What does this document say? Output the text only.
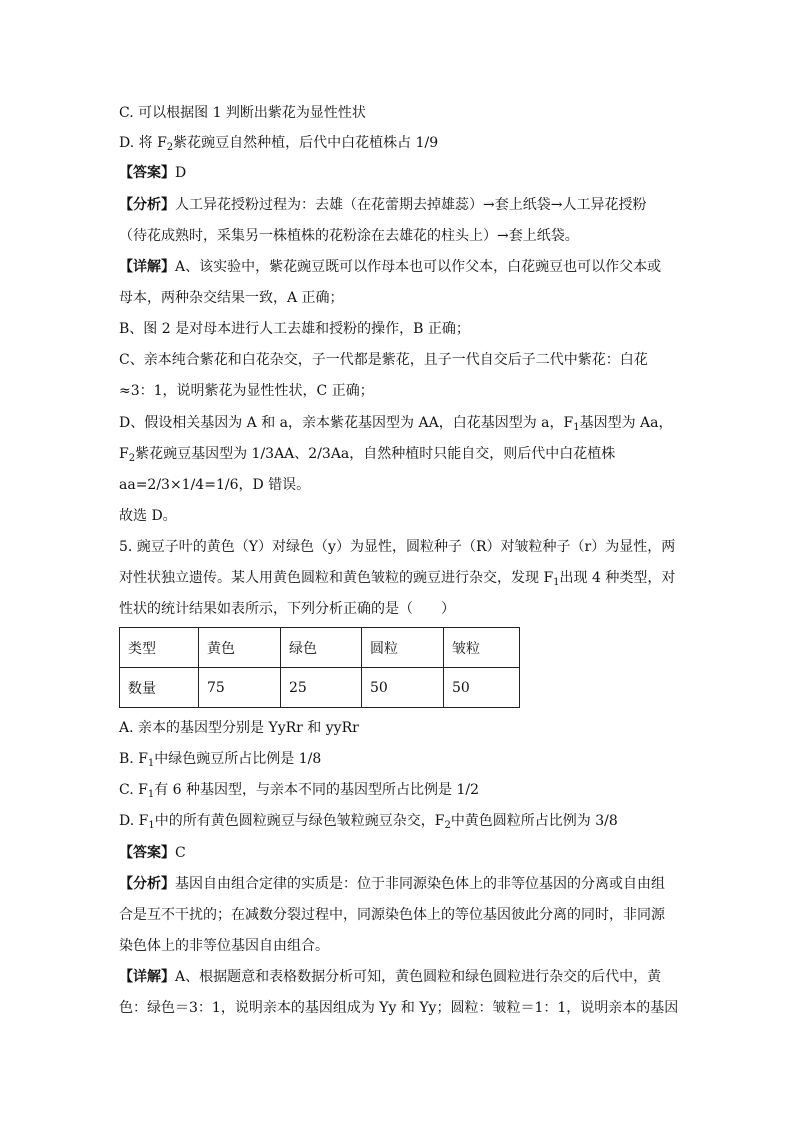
C. 可以根据图 1 判断出紫花为显性性状
D. 将 $F_2$紫花豌豆自然种植，后代中白花植株占 1/9
【答案】D
【分析】人工异花授粉过程为：去雄（在花蕾期去掉雄蕊）→套上纸袋→人工异花授粉
（待花成熟时，采集另一株植株的花粉涂在去雄花的柱头上）→套上纸袋。
【详解】A、该实验中，紫花豌豆既可以作母本也可以作父本，白花豌豆也可以作父本或
母本，两种杂交结果一致，A 正确；
B、图 2 是对母本进行人工去雄和授粉的操作，B 正确；
C、亲本纯合紫花和白花杂交，子一代都是紫花，且子一代自交后子二代中紫花：白花
≈3：1，说明紫花为显性性状，C 正确；
D、假设相关基因为 A 和 a，亲本紫花基因型为 AA，白花基因型为 a，$F_1$基因型为 Aa，
$F_2$紫花豌豆基因型为 1/3AA、2/3Aa，自然种植时只能自交，则后代中白花植株
aa=2/3×1/4=1/6，D 错误。
故选 D。
5. 豌豆子叶的黄色（Y）对绿色（y）为显性，圆粒种子（R）对皱粒种子（r）为显性，两
对性状独立遗传。某人用黄色圆粒和黄色皱粒的豌豆进行杂交，发现 $F_1$出现 4 种类型，对
性状的统计结果如表所示，下列分析正确的是（　　）
类型	黄色	绿色	圆粒	皱粒
数量	75	25	50	50
A. 亲本的基因型分别是 YyRr 和 yyRr
B. $F_1$中绿色豌豆所占比例是 1/8
C. $F_1$有 6 种基因型，与亲本不同的基因型所占比例是 1/2
D. $F_1$中的所有黄色圆粒豌豆与绿色皱粒豌豆杂交，$F_2$中黄色圆粒所占比例为 3/8
【答案】C
【分析】基因自由组合定律的实质是：位于非同源染色体上的非等位基因的分离或自由组
合是互不干扰的；在减数分裂过程中，同源染色体上的等位基因彼此分离的同时，非同源
染色体上的非等位基因自由组合。
【详解】A、根据题意和表格数据分析可知，黄色圆粒和绿色圆粒进行杂交的后代中，黄
色：绿色＝3：1，说明亲本的基因组成为 Yy 和 Yy；圆粒：皱粒＝1：1，说明亲本的基因
